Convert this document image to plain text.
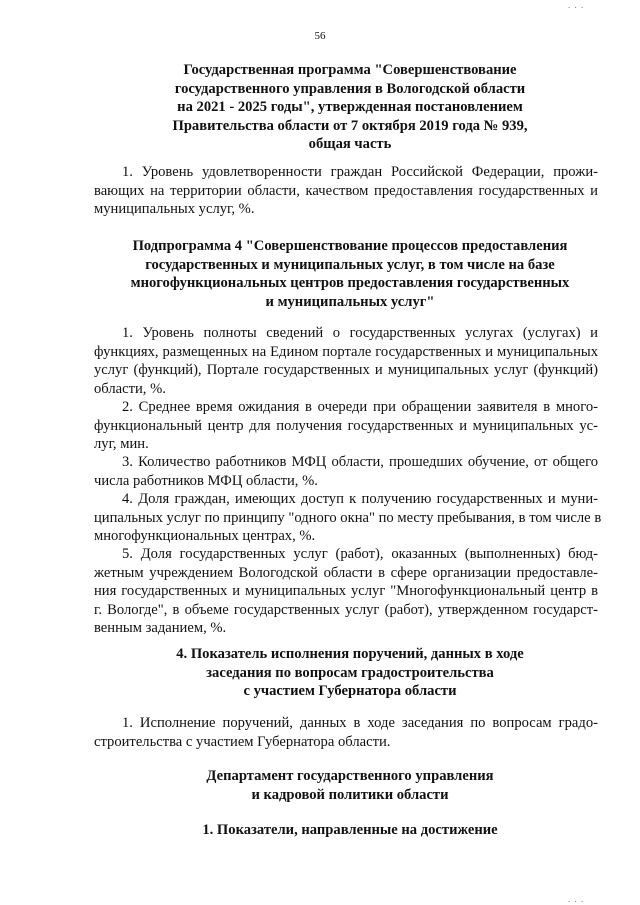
56
Государственная программа "Совершенствование
государственного управления в Вологодской области
на 2021 - 2025 годы", утвержденная постановлением
Правительства области от 7 октября 2019 года № 939,
общая часть
1. Уровень удовлетворенности граждан Российской Федерации, прожи-
вающих на территории области, качеством предоставления государственных и
муниципальных услуг, %.
Подпрограмма 4 "Совершенствование процессов предоставления
государственных и муниципальных услуг, в том числе на базе
многофункциональных центров предоставления государственных
и муниципальных услуг"
1. Уровень полноты сведений о государственных услугах (услугах) и
функциях, размещенных на Едином портале государственных и муниципальных
услуг (функций), Портале государственных и муниципальных услуг (функций)
области, %.
2. Среднее время ожидания в очереди при обращении заявителя в много-
функциональный центр для получения государственных и муниципальных ус-
луг, мин.
3. Количество работников МФЦ области, прошедших обучение, от общего
числа работников МФЦ области, %.
4. Доля граждан, имеющих доступ к получению государственных и муни-
ципальных услуг по принципу "одного окна" по месту пребывания, в том числе в
многофункциональных центрах, %.
5. Доля государственных услуг (работ), оказанных (выполненных) бюд-
жетным учреждением Вологодской области в сфере организации предоставле-
ния государственных и муниципальных услуг "Многофункциональный центр в
г. Вологде", в объеме государственных услуг (работ), утвержденном государст-
венным заданием, %.
4. Показатель исполнения поручений, данных в ходе
заседания по вопросам градостроительства
с участием Губернатора области
1. Исполнение поручений, данных в ходе заседания по вопросам градо-
строительства с участием Губернатора области.
Департамент государственного управления
и кадровой политики области
1. Показатели, направленные на достижение
. . .
. . .
